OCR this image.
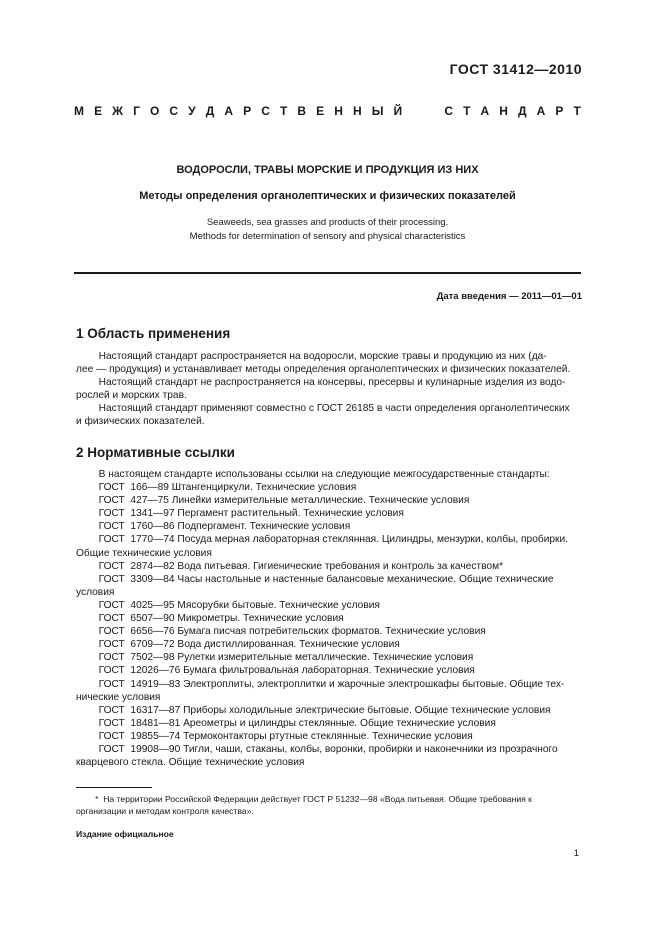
ГОСТ 31412—2010
М Е Ж Г О С У Д А Р С Т В Е Н Н Ы Й	С Т А Н Д А Р Т
ВОДОРОСЛИ, ТРАВЫ МОРСКИЕ И ПРОДУКЦИЯ ИЗ НИХ
Методы определения органолептических и физических показателей
Seaweeds, sea grasses and products of their processing.
Methods for determination of sensory and physical characteristics
Дата введения — 2011—01—01
1 Область применения
Настоящий стандарт распространяется на водоросли, морские травы и продукцию из них (да-
лее — продукция) и устанавливает методы определения органолептических и физических показателей.
Настоящий стандарт не распространяется на консервы, пресервы и кулинарные изделия из водо-
рослей и морских трав.
Настоящий стандарт применяют совместно с ГОСТ 26185 в части определения органолептических
и физических показателей.
2 Нормативные ссылки
В настоящем стандарте использованы ссылки на следующие межгосударственные стандарты:
ГОСТ  166—89 Штангенциркули. Технические условия
ГОСТ  427—75 Линейки измерительные металлические. Технические условия
ГОСТ  1341—97 Пергамент растительный. Технические условия
ГОСТ  1760—86 Подпергамент. Технические условия
ГОСТ  1770—74 Посуда мерная лабораторная стеклянная. Цилиндры, мензурки, колбы, пробирки.
Общие технические условия
ГОСТ  2874—82 Вода питьевая. Гигиенические требования и контроль за качеством*
ГОСТ  3309—84 Часы настольные и настенные балансовые механические. Общие технические
условия
ГОСТ  4025—95 Мясорубки бытовые. Технические условия
ГОСТ  6507—90 Микрометры. Технические условия
ГОСТ  6656—76 Бумага писчая потребительских форматов. Технические условия
ГОСТ  6709—72 Вода дистиллированная. Технические условия
ГОСТ  7502—98 Рулетки измерительные металлические. Технические условия
ГОСТ  12026—76 Бумага фильтровальная лабораторная. Технические условия
ГОСТ  14919—83 Электроплиты, электроплитки и жарочные электрошкафы бытовые. Общие тех-
нические условия
ГОСТ  16317—87 Приборы холодильные электрические бытовые. Общие технические условия
ГОСТ  18481—81 Ареометры и цилиндры стеклянные. Общие технические условия
ГОСТ  19855—74 Термоконтакторы ртутные стеклянные. Технические условия
ГОСТ  19908—90 Тигли, чаши, стаканы, колбы, воронки, пробирки и наконечники из прозрачного
кварцевого стекла. Общие технические условия
*  На территории Российской Федерации действует ГОСТ Р 51232—98 «Вода питьевая. Общие требования к
организации и методам контроля качества».
Издание официальное
1
